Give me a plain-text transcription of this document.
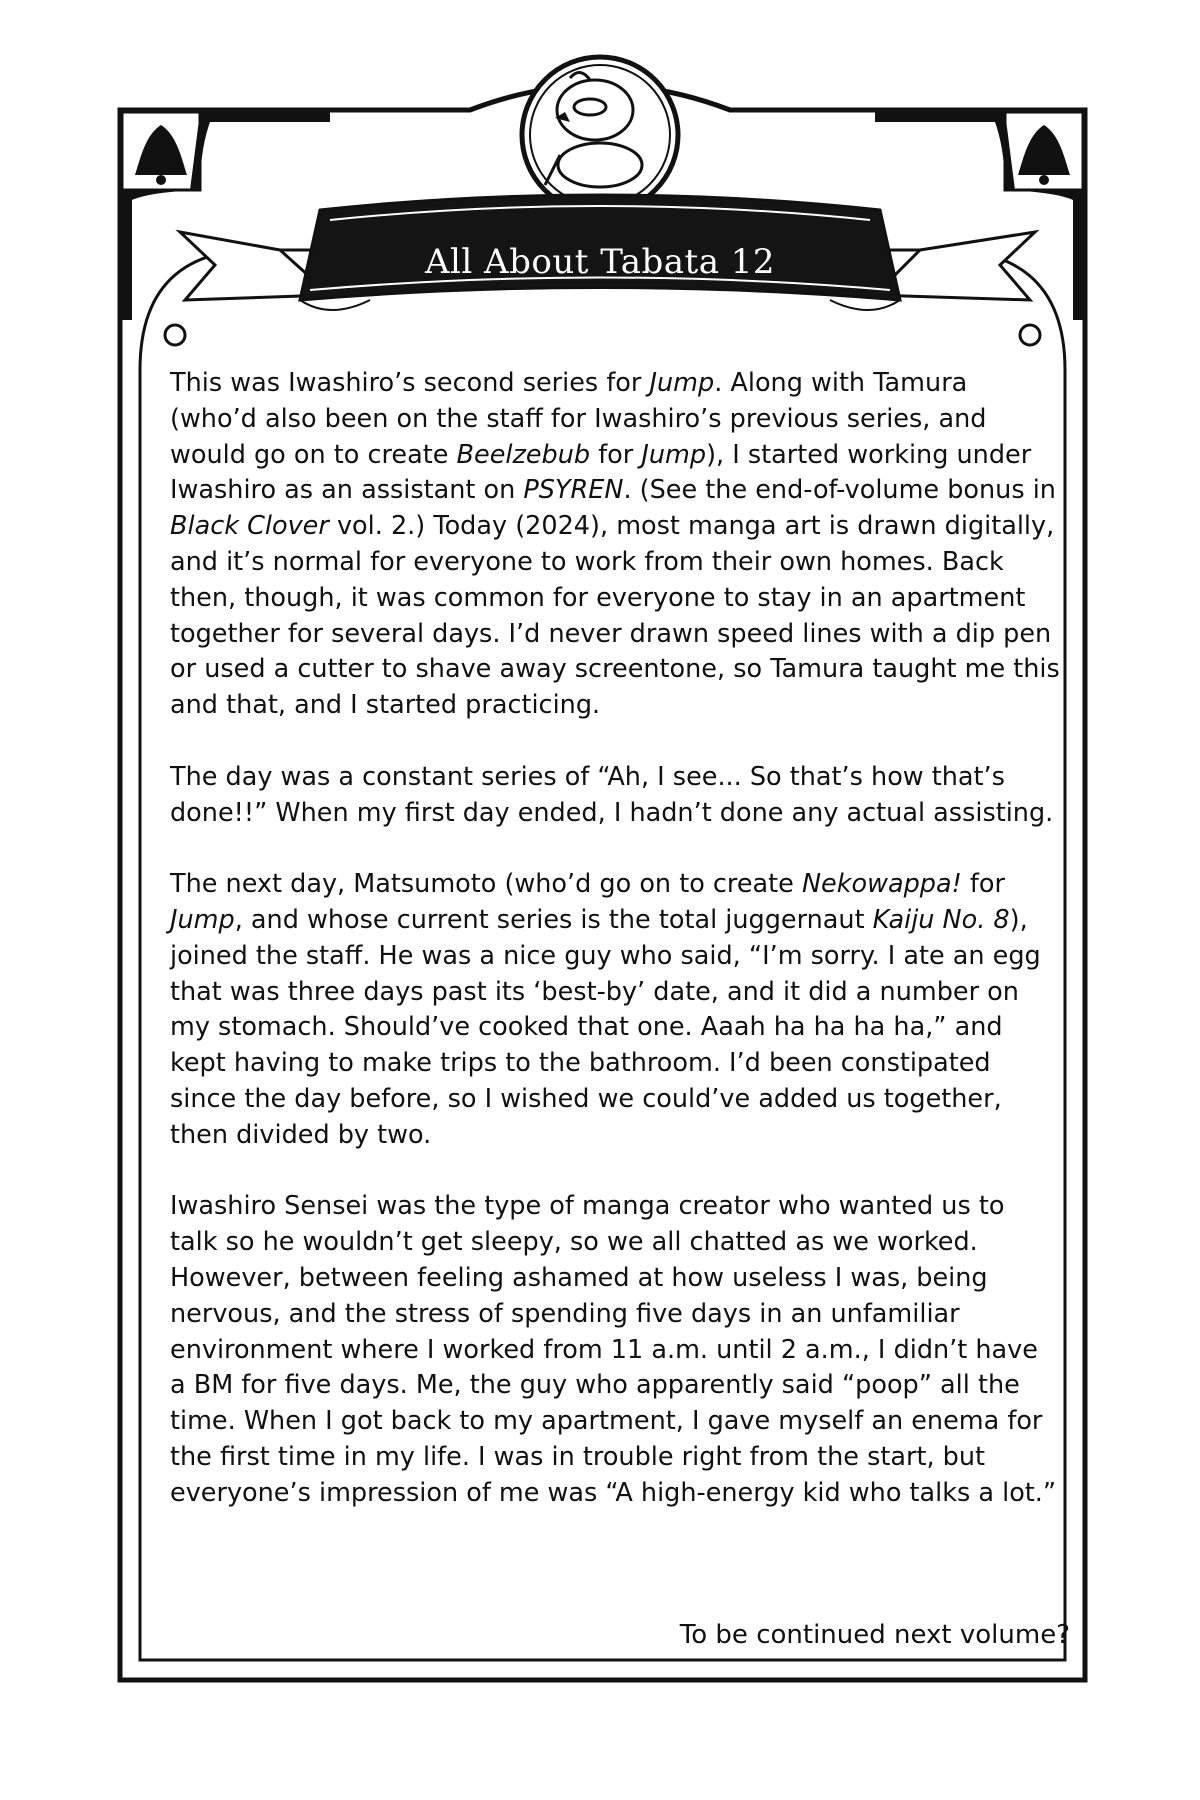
All About Tabata 12

This was Iwashiro’s second series for Jump. Along with Tamura (who’d also been on the staff for Iwashiro’s previous series, and would go on to create Beelzebub for Jump), I started working under Iwashiro as an assistant on PSYREN. (See the end-of-volume bonus in Black Clover vol. 2.) Today (2024), most manga art is drawn digitally, and it’s normal for everyone to work from their own homes. Back then, though, it was common for everyone to stay in an apartment together for several days. I’d never drawn speed lines with a dip pen or used a cutter to shave away screentone, so Tamura taught me this and that, and I started practicing.

The day was a constant series of “Ah, I see... So that’s how that’s done!!” When my first day ended, I hadn’t done any actual assisting.

The next day, Matsumoto (who’d go on to create Nekowappa! for Jump, and whose current series is the total juggernaut Kaiju No. 8), joined the staff. He was a nice guy who said, “I’m sorry. I ate an egg that was three days past its ‘best-by’ date, and it did a number on my stomach. Should’ve cooked that one. Aaah ha ha ha ha,” and kept having to make trips to the bathroom. I’d been constipated since the day before, so I wished we could’ve added us together, then divided by two.

Iwashiro Sensei was the type of manga creator who wanted us to talk so he wouldn’t get sleepy, so we all chatted as we worked. However, between feeling ashamed at how useless I was, being nervous, and the stress of spending five days in an unfamiliar environment where I worked from 11 a.m. until 2 a.m., I didn’t have a BM for five days. Me, the guy who apparently said “poop” all the time. When I got back to my apartment, I gave myself an enema for the first time in my life. I was in trouble right from the start, but everyone’s impression of me was “A high-energy kid who talks a lot.”

To be continued next volume?
